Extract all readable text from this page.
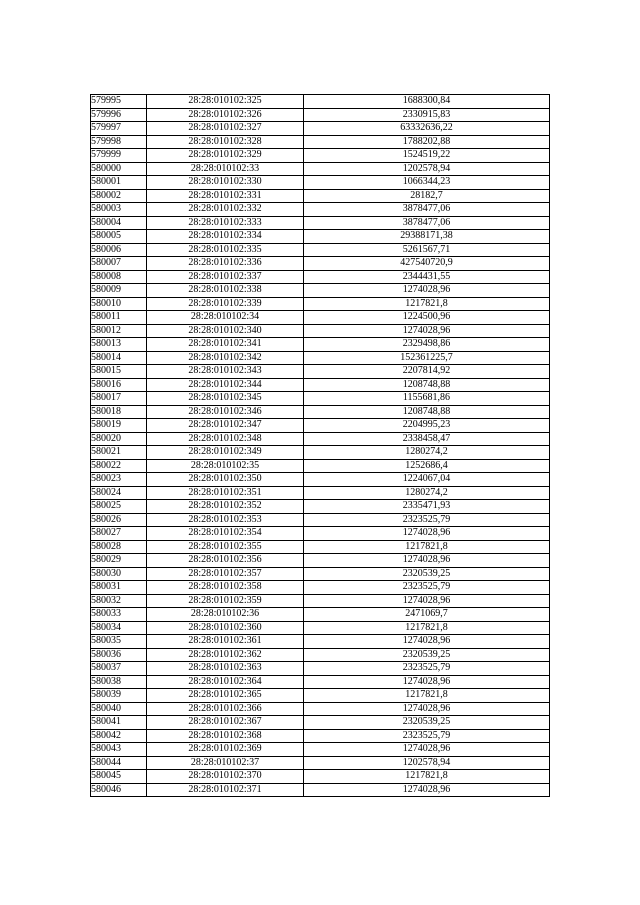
579995	28:28:010102:325	1688300,84
579996	28:28:010102:326	2330915,83
579997	28:28:010102:327	63332636,22
579998	28:28:010102:328	1788202,88
579999	28:28:010102:329	1524519,22
580000	28:28:010102:33	1202578,94
580001	28:28:010102:330	1066344,23
580002	28:28:010102:331	28182,7
580003	28:28:010102:332	3878477,06
580004	28:28:010102:333	3878477,06
580005	28:28:010102:334	29388171,38
580006	28:28:010102:335	5261567,71
580007	28:28:010102:336	427540720,9
580008	28:28:010102:337	2344431,55
580009	28:28:010102:338	1274028,96
580010	28:28:010102:339	1217821,8
580011	28:28:010102:34	1224500,96
580012	28:28:010102:340	1274028,96
580013	28:28:010102:341	2329498,86
580014	28:28:010102:342	152361225,7
580015	28:28:010102:343	2207814,92
580016	28:28:010102:344	1208748,88
580017	28:28:010102:345	1155681,86
580018	28:28:010102:346	1208748,88
580019	28:28:010102:347	2204995,23
580020	28:28:010102:348	2338458,47
580021	28:28:010102:349	1280274,2
580022	28:28:010102:35	1252686,4
580023	28:28:010102:350	1224067,04
580024	28:28:010102:351	1280274,2
580025	28:28:010102:352	2335471,93
580026	28:28:010102:353	2323525,79
580027	28:28:010102:354	1274028,96
580028	28:28:010102:355	1217821,8
580029	28:28:010102:356	1274028,96
580030	28:28:010102:357	2320539,25
580031	28:28:010102:358	2323525,79
580032	28:28:010102:359	1274028,96
580033	28:28:010102:36	2471069,7
580034	28:28:010102:360	1217821,8
580035	28:28:010102:361	1274028,96
580036	28:28:010102:362	2320539,25
580037	28:28:010102:363	2323525,79
580038	28:28:010102:364	1274028,96
580039	28:28:010102:365	1217821,8
580040	28:28:010102:366	1274028,96
580041	28:28:010102:367	2320539,25
580042	28:28:010102:368	2323525,79
580043	28:28:010102:369	1274028,96
580044	28:28:010102:37	1202578,94
580045	28:28:010102:370	1217821,8
580046	28:28:010102:371	1274028,96
